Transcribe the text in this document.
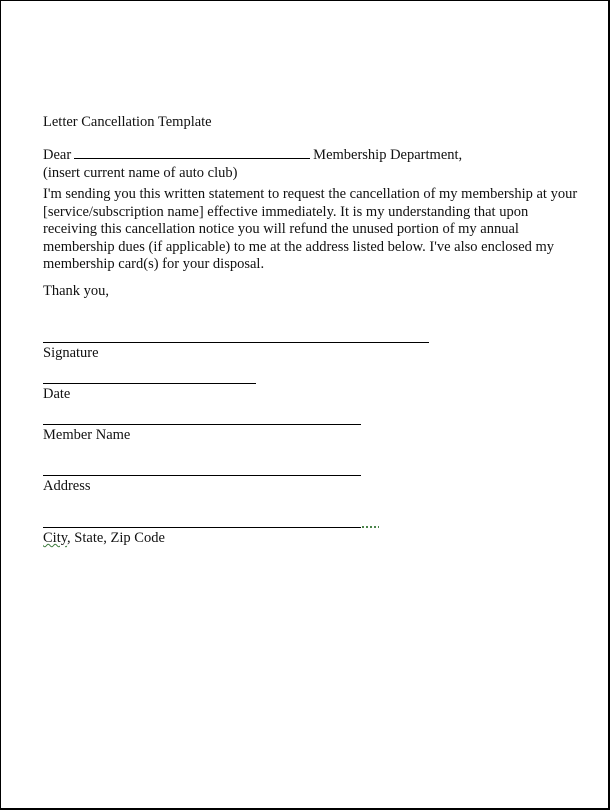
Letter Cancellation Template
Dear	Membership Department,
(insert current name of auto club)
I'm sending you this written statement to request the cancellation of my membership at your [service/subscription name] effective immediately. It is my understanding that upon receiving this cancellation notice you will refund the unused portion of my annual membership dues (if applicable) to me at the address listed below. I've also enclosed my membership card(s) for your disposal.
Thank you,
Signature
Date
Member Name
Address
City, State, Zip Code
